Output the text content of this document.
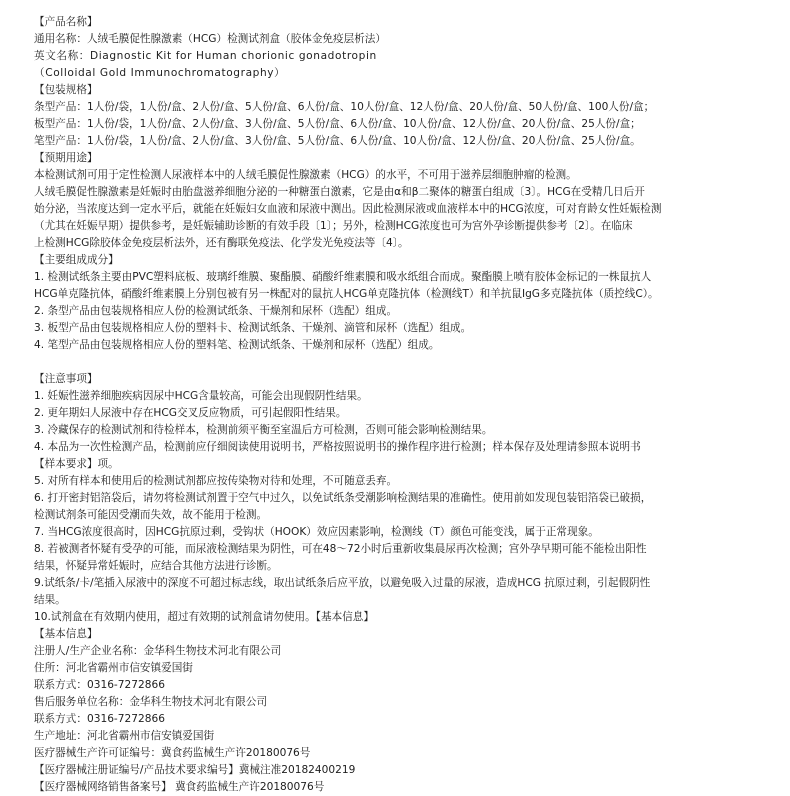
【产品名称】
通用名称：人绒毛膜促性腺激素（HCG）检测试剂盒（胶体金免疫层析法）
英文名称：Diagnostic Kit for Human chorionic gonadotropin
（Colloidal Gold Immunochromatography）
【包装规格】
条型产品：1人份/袋，1人份/盒、2人份/盒、5人份/盒、6人份/盒、10人份/盒、12人份/盒、20人份/盒、50人份/盒、100人份/盒；
板型产品：1人份/袋，1人份/盒、2人份/盒、3人份/盒、5人份/盒、6人份/盒、10人份/盒、12人份/盒、20人份/盒、25人份/盒；
笔型产品：1人份/袋，1人份/盒、2人份/盒、3人份/盒、5人份/盒、6人份/盒、10人份/盒、12人份/盒、20人份/盒、25人份/盒。
【预期用途】
本检测试剂可用于定性检测人尿液样本中的人绒毛膜促性腺激素（HCG）的水平，不可用于滋养层细胞肿瘤的检测。
人绒毛膜促性腺激素是妊娠时由胎盘滋养细胞分泌的一种糖蛋白激素，它是由α和β二聚体的糖蛋白组成〔3〕。HCG在受精几日后开
始分泌，当浓度达到一定水平后，就能在妊娠妇女血液和尿液中测出。因此检测尿液或血液样本中的HCG浓度，可对育龄女性妊娠检测
（尤其在妊娠早期）提供参考，是妊娠辅助诊断的有效手段〔1〕；另外，检测HCG浓度也可为宫外孕诊断提供参考〔2〕。在临床
上检测HCG除胶体金免疫层析法外，还有酶联免疫法、化学发光免疫法等〔4〕。
【主要组成成分】
1. 检测试纸条主要由PVC塑料底板、玻璃纤维膜、聚酯膜、硝酸纤维素膜和吸水纸组合而成。聚酯膜上喷有胶体金标记的一株鼠抗人
HCG单克隆抗体，硝酸纤维素膜上分别包被有另一株配对的鼠抗人HCG单克隆抗体（检测线T）和羊抗鼠IgG多克隆抗体（质控线C）。
2. 条型产品由包装规格相应人份的检测试纸条、干燥剂和尿杯（选配）组成。
3. 板型产品由包装规格相应人份的塑料卡、检测试纸条、干燥剂、滴管和尿杯（选配）组成。
4. 笔型产品由包装规格相应人份的塑料笔、检测试纸条、干燥剂和尿杯（选配）组成。
【注意事项】
1. 妊娠性滋养细胞疾病因尿中HCG含量较高，可能会出现假阴性结果。
2. 更年期妇人尿液中存在HCG交叉反应物质，可引起假阳性结果。
3. 冷藏保存的检测试剂和待检样本，检测前须平衡至室温后方可检测，否则可能会影响检测结果。
4. 本品为一次性检测产品，检测前应仔细阅读使用说明书，严格按照说明书的操作程序进行检测；样本保存及处理请参照本说明书
【样本要求】项。
5. 对所有样本和使用后的检测试剂都应按传染物对待和处理，不可随意丢弃。
6. 打开密封铝箔袋后，请勿将检测试剂置于空气中过久，以免试纸条受潮影响检测结果的准确性。使用前如发现包装铝箔袋已破损，
检测试剂条可能因受潮而失效，故不能用于检测。
7. 当HCG浓度很高时，因HCG抗原过剩，受钩状（HOOK）效应因素影响，检测线（T）颜色可能变浅，属于正常现象。
8. 若被测者怀疑有受孕的可能，而尿液检测结果为阴性，可在48～72小时后重新收集晨尿再次检测；宫外孕早期可能不能检出阳性
结果，怀疑异常妊娠时，应结合其他方法进行诊断。
9.试纸条/卡/笔插入尿液中的深度不可超过标志线，取出试纸条后应平放，以避免吸入过量的尿液，造成HCG 抗原过剩，引起假阴性
结果。
10.试剂盒在有效期内使用，超过有效期的试剂盒请勿使用。【基本信息】
【基本信息】
注册人/生产企业名称：金华科生物技术河北有限公司
住所：河北省霸州市信安镇爱国街
联系方式：0316-7272866
售后服务单位名称：金华科生物技术河北有限公司
联系方式：0316-7272866
生产地址：河北省霸州市信安镇爱国街
医疗器械生产许可证编号：冀食药监械生产许20180076号
【医疗器械注册证编号/产品技术要求编号】冀械注准20182400219
【医疗器械网络销售备案号】 冀食药监械生产许20180076号
